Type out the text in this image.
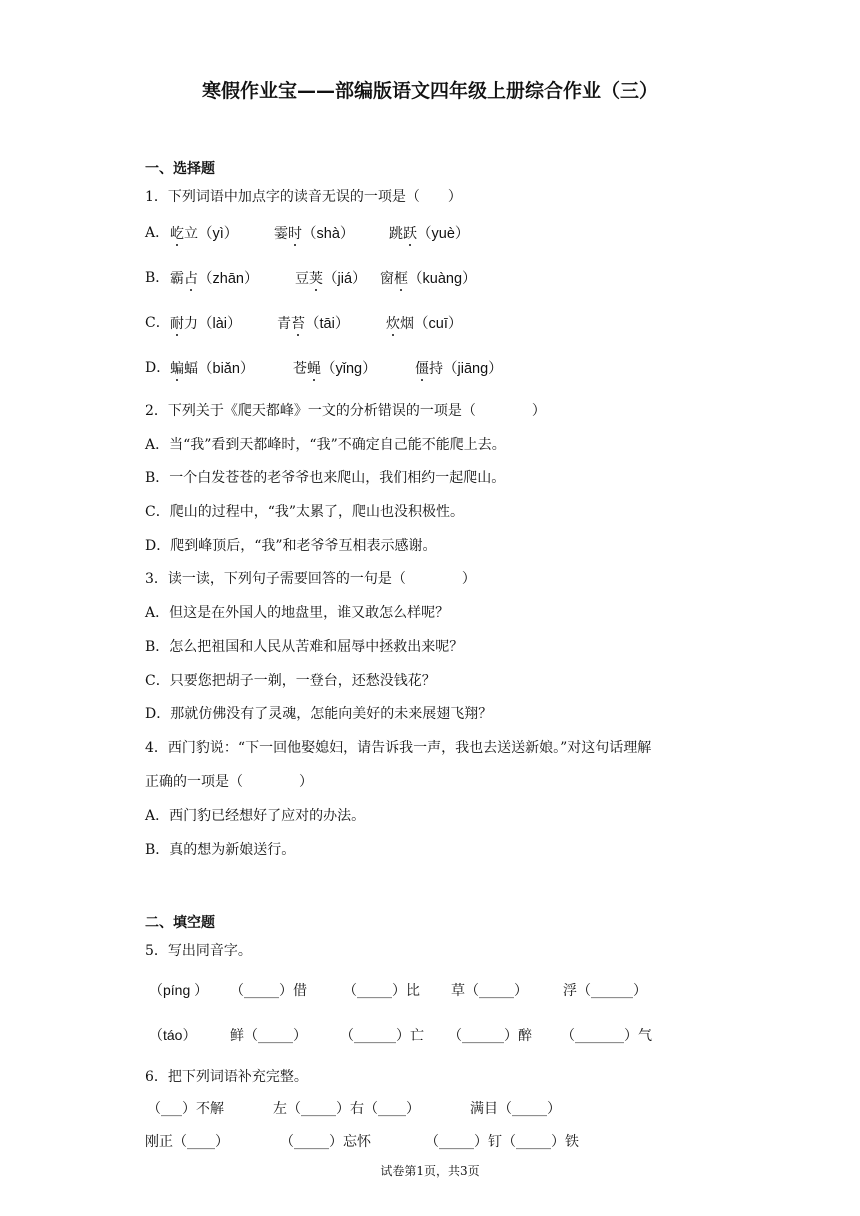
寒假作业宝——部编版语文四年级上册综合作业（三）
一、选择题
1．下列词语中加点字的读音无误的一项是（　　）
A． 屹立（yì）	霎时（shà） 跳跃（yuè）
B． 霸占（zhān）	豆荚（jiá） 窗框（kuàng）
C． 耐力（lài）	青苔（tāi）	炊烟（cuī）
D． 蝙蝠（biǎn）	苍蝇（yǐng）	僵持（jiāng）
2．下列关于《爬天都峰》一文的分析错误的一项是（　　　　）
A．当“我”看到天都峰时，“我”不确定自己能不能爬上去。
B．一个白发苍苍的老爷爷也来爬山，我们相约一起爬山。
C．爬山的过程中，“我”太累了，爬山也没积极性。
D．爬到峰顶后，“我”和老爷爷互相表示感谢。
3．读一读，下列句子需要回答的一句是（　　　　）
A．但这是在外国人的地盘里，谁又敢怎么样呢？
B．怎么把祖国和人民从苦难和屈辱中拯救出来呢？
C．只要您把胡子一剃，一登台，还愁没钱花？
D．那就仿佛没有了灵魂，怎能向美好的未来展翅飞翔？
4．西门豹说：“下一回他娶媳妇，请告诉我一声，我也去送送新娘。”对这句话理解
正确的一项是（　　　　）
A．西门豹已经想好了应对的办法。
B．真的想为新娘送行。
二、填空题
5．写出同音字。
（píng ） （_____）借	（_____）比 草（_____）	浮（______）
（táo） 鲜（_____） （______）亡 （______）醉 （_______）气
6．把下列词语补充完整。
（___）不解	左（_____）右（____）	满目（_____）
刚正（____）	（_____）忘怀	（_____）钉（_____）铁
试卷第1页，共3页
